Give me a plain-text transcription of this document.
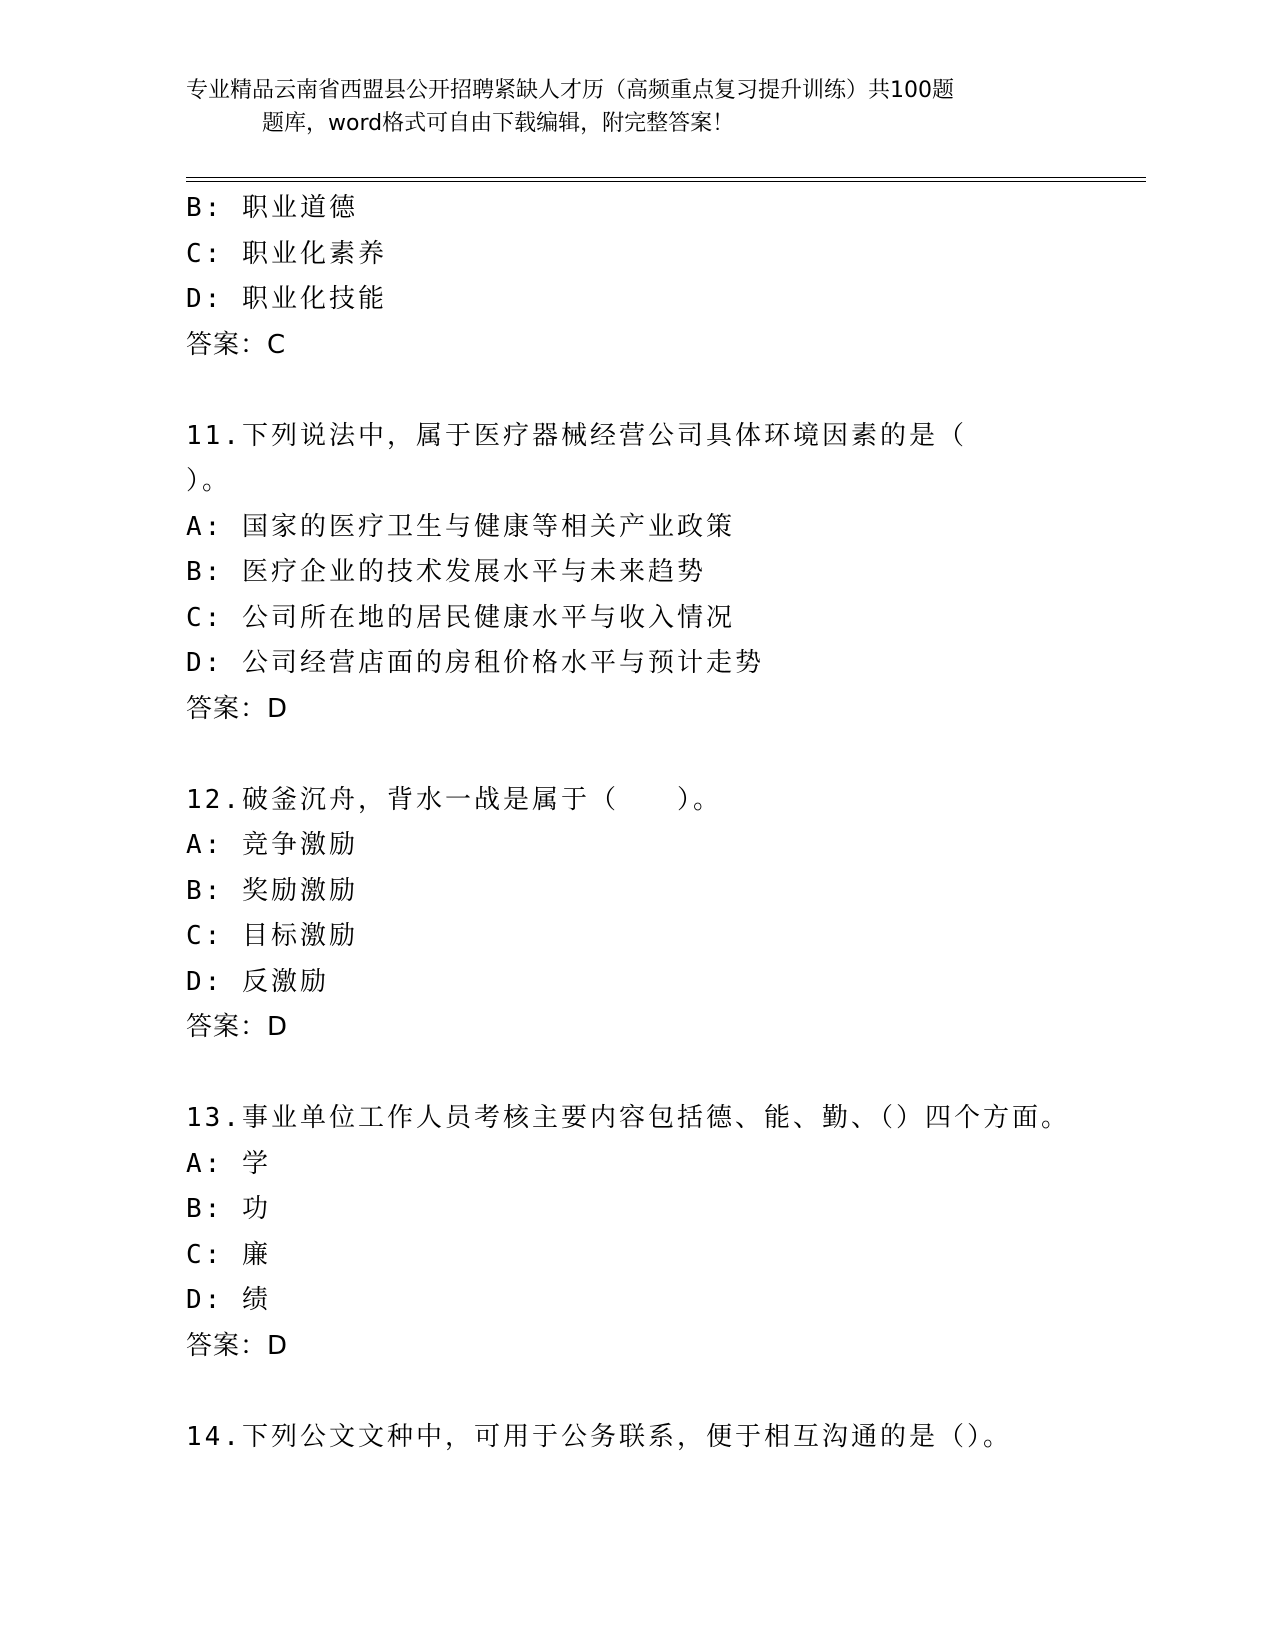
专业精品云南省西盟县公开招聘紧缺人才历（高频重点复习提升训练）共100题
题库，word格式可自由下载编辑，附完整答案！
B: 职业道德
C: 职业化素养
D: 职业化技能
答案：C
11.下列说法中，属于医疗器械经营公司具体环境因素的是（
）。
A: 国家的医疗卫生与健康等相关产业政策
B: 医疗企业的技术发展水平与未来趋势
C: 公司所在地的居民健康水平与收入情况
D: 公司经营店面的房租价格水平与预计走势
答案：D
12.破釜沉舟，背水一战是属于（　　）。
A: 竞争激励
B: 奖励激励
C: 目标激励
D: 反激励
答案：D
13.事业单位工作人员考核主要内容包括德、能、勤、（）四个方面。
A: 学
B: 功
C: 廉
D: 绩
答案：D
14.下列公文文种中，可用于公务联系，便于相互沟通的是（）。
